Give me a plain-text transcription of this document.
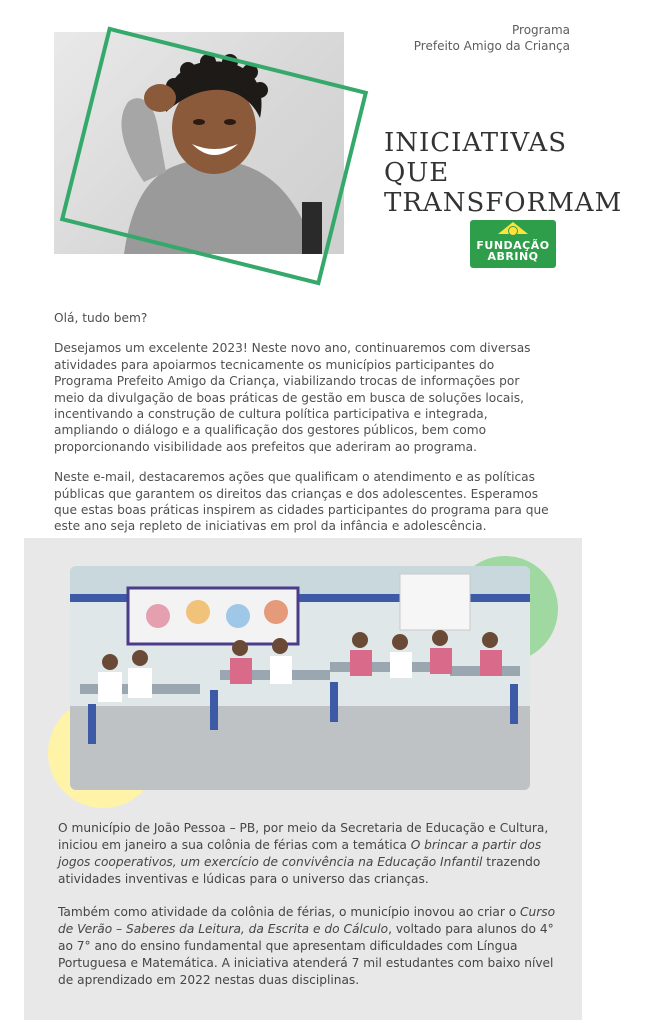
Programa
Prefeito Amigo da Criança
INICIATIVAS QUE
TRANSFORMAM
FUNDAÇÃO
ABRINQ

Olá, tudo bem?

Desejamos um excelente 2023! Neste novo ano, continuaremos com diversas atividades para apoiarmos tecnicamente os municípios participantes do Programa Prefeito Amigo da Criança, viabilizando trocas de informações por meio da divulgação de boas práticas de gestão em busca de soluções locais, incentivando a construção de cultura política participativa e integrada, ampliando o diálogo e a qualificação dos gestores públicos, bem como proporcionando visibilidade aos prefeitos que aderiram ao programa.

Neste e-mail, destacaremos ações que qualificam o atendimento e as políticas públicas que garantem os direitos das crianças e dos adolescentes. Esperamos que estas boas práticas inspirem as cidades participantes do programa para que este ano seja repleto de iniciativas em prol da infância e adolescência.

O município de João Pessoa – PB, por meio da Secretaria de Educação e Cultura, iniciou em janeiro a sua colônia de férias com a temática O brincar a partir dos jogos cooperativos, um exercício de convivência na Educação Infantil trazendo atividades inventivas e lúdicas para o universo das crianças.

Também como atividade da colônia de férias, o município inovou ao criar o Curso de Verão – Saberes da Leitura, da Escrita e do Cálculo, voltado para alunos do 4° ao 7° ano do ensino fundamental que apresentam dificuldades com Língua Portuguesa e Matemática. A iniciativa atenderá 7 mil estudantes com baixo nível de aprendizado em 2022 nestas duas disciplinas.
